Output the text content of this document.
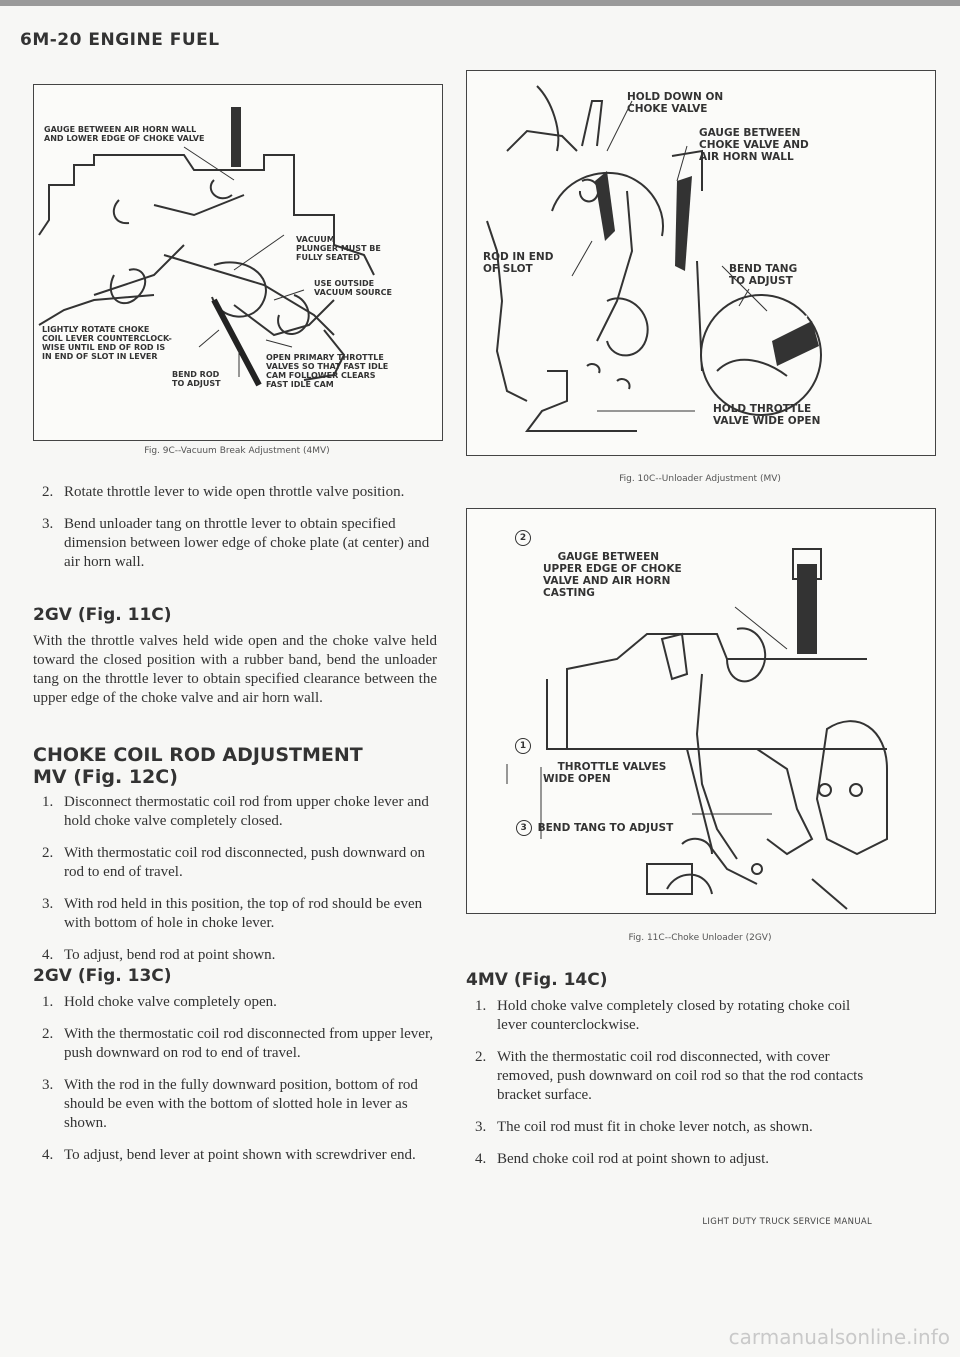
6M-20 ENGINE FUEL
GAUGE BETWEEN AIR HORN WALL
AND LOWER EDGE OF CHOKE VALVE
VACUUM
PLUNGER MUST BE
FULLY SEATED
USE OUTSIDE
VACUUM SOURCE
LIGHTLY ROTATE CHOKE
COIL LEVER COUNTERCLOCK-
WISE UNTIL END OF ROD IS
IN END OF SLOT IN LEVER
BEND ROD
TO ADJUST
OPEN PRIMARY THROTTLE
VALVES SO THAT FAST IDLE
CAM FOLLOWER CLEARS
FAST IDLE CAM
Fig. 9C--Vacuum Break Adjustment (4MV)
HOLD DOWN ON
CHOKE VALVE
GAUGE BETWEEN
CHOKE VALVE AND
AIR HORN WALL
ROD IN END
OF SLOT	BEND TANG
TO ADJUST
HOLD THROTTLE
VALVE WIDE OPEN
Fig. 10C--Unloader Adjustment (MV)

2

GAUGE BETWEEN
UPPER EDGE OF CHOKE
VALVE AND AIR HORN
CASTING

1

THROTTLE VALVES
WIDE OPEN

3 BEND TANG TO ADJUST

Fig. 11C--Choke Unloader (2GV)
2. Rotate throttle lever to wide open throttle valve position.
3. Bend unloader tang on throttle lever to obtain specified dimension between lower edge of choke plate (at center) and air horn wall.
2GV (Fig. 11C)
With the throttle valves held wide open and the choke valve held toward the closed position with a rubber band, bend the unloader tang on the throttle lever to obtain specified clearance between the upper edge of the choke valve and air horn wall.
CHOKE COIL ROD ADJUSTMENT
MV (Fig. 12C)
1. Disconnect thermostatic coil rod from upper choke lever and hold choke valve completely closed.
2. With thermostatic coil rod disconnected, push downward on rod to end of travel.
3. With rod held in this position, the top of rod should be even with bottom of hole in choke lever.
4. To adjust, bend rod at point shown.
2GV (Fig. 13C)
1. Hold choke valve completely open.
2. With the thermostatic coil rod disconnected from upper lever, push downward on rod to end of travel.
3. With the rod in the fully downward position, bottom of rod should be even with the bottom of slotted hole in lever as shown.
4. To adjust, bend lever at point shown with screwdriver end.
4MV (Fig. 14C)
1. Hold choke valve completely closed by rotating choke coil lever counterclockwise.
2. With the thermostatic coil rod disconnected, with cover removed, push downward on coil rod so that the rod contacts bracket surface.
3. The coil rod must fit in choke lever notch, as shown.
4. Bend choke coil rod at point shown to adjust.
LIGHT DUTY TRUCK SERVICE MANUAL
carmanualsonline.info
